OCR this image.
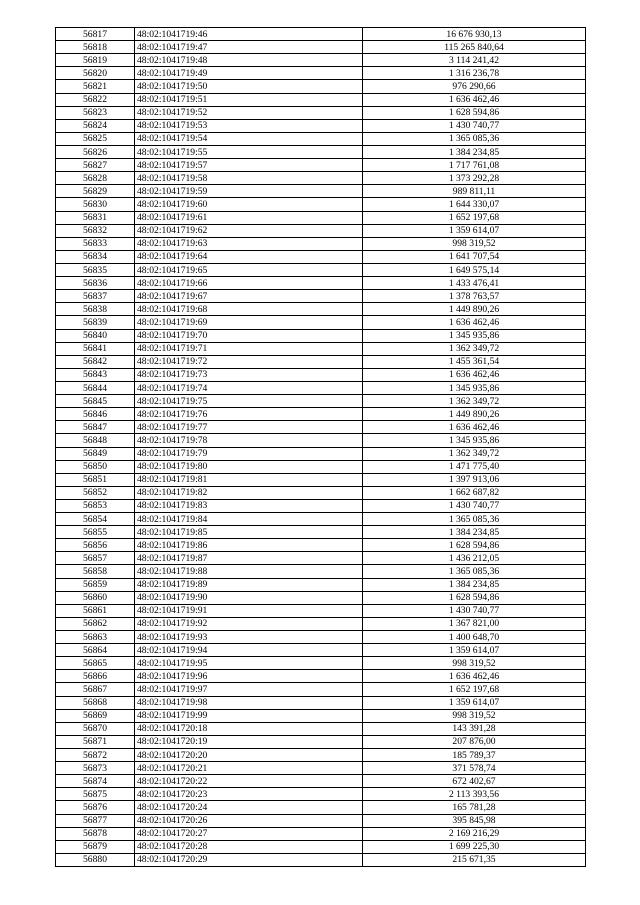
56817	48:02:1041719:46	16 676 930,13
56818	48:02:1041719:47	115 265 840,64
56819	48:02:1041719:48	3 114 241,42
56820	48:02:1041719:49	1 316 236,78
56821	48:02:1041719:50	976 290,66
56822	48:02:1041719:51	1 636 462,46
56823	48:02:1041719:52	1 628 594,86
56824	48:02:1041719:53	1 430 740,77
56825	48:02:1041719:54	1 365 085,36
56826	48:02:1041719:55	1 384 234,85
56827	48:02:1041719:57	1 717 761,08
56828	48:02:1041719:58	1 373 292,28
56829	48:02:1041719:59	989 811,11
56830	48:02:1041719:60	1 644 330,07
56831	48:02:1041719:61	1 652 197,68
56832	48:02:1041719:62	1 359 614,07
56833	48:02:1041719:63	998 319,52
56834	48:02:1041719:64	1 641 707,54
56835	48:02:1041719:65	1 649 575,14
56836	48:02:1041719:66	1 433 476,41
56837	48:02:1041719:67	1 378 763,57
56838	48:02:1041719:68	1 449 890,26
56839	48:02:1041719:69	1 636 462,46
56840	48:02:1041719:70	1 345 935,86
56841	48:02:1041719:71	1 362 349,72
56842	48:02:1041719:72	1 455 361,54
56843	48:02:1041719:73	1 636 462,46
56844	48:02:1041719:74	1 345 935,86
56845	48:02:1041719:75	1 362 349,72
56846	48:02:1041719:76	1 449 890,26
56847	48:02:1041719:77	1 636 462,46
56848	48:02:1041719:78	1 345 935,86
56849	48:02:1041719:79	1 362 349,72
56850	48:02:1041719:80	1 471 775,40
56851	48:02:1041719:81	1 397 913,06
56852	48:02:1041719:82	1 662 687,82
56853	48:02:1041719:83	1 430 740,77
56854	48:02:1041719:84	1 365 085,36
56855	48:02:1041719:85	1 384 234,85
56856	48:02:1041719:86	1 628 594,86
56857	48:02:1041719:87	1 436 212,05
56858	48:02:1041719:88	1 365 085,36
56859	48:02:1041719:89	1 384 234,85
56860	48:02:1041719:90	1 628 594,86
56861	48:02:1041719:91	1 430 740,77
56862	48:02:1041719:92	1 367 821,00
56863	48:02:1041719:93	1 400 648,70
56864	48:02:1041719:94	1 359 614,07
56865	48:02:1041719:95	998 319,52
56866	48:02:1041719:96	1 636 462,46
56867	48:02:1041719:97	1 652 197,68
56868	48:02:1041719:98	1 359 614,07
56869	48:02:1041719:99	998 319,52
56870	48:02:1041720:18	143 391,28
56871	48:02:1041720:19	207 876,00
56872	48:02:1041720:20	185 789,37
56873	48:02:1041720:21	371 578,74
56874	48:02:1041720:22	672 402,67
56875	48:02:1041720:23	2 113 393,56
56876	48:02:1041720:24	165 781,28
56877	48:02:1041720:26	395 845,98
56878	48:02:1041720:27	2 169 216,29
56879	48:02:1041720:28	1 699 225,30
56880	48:02:1041720:29	215 671,35
